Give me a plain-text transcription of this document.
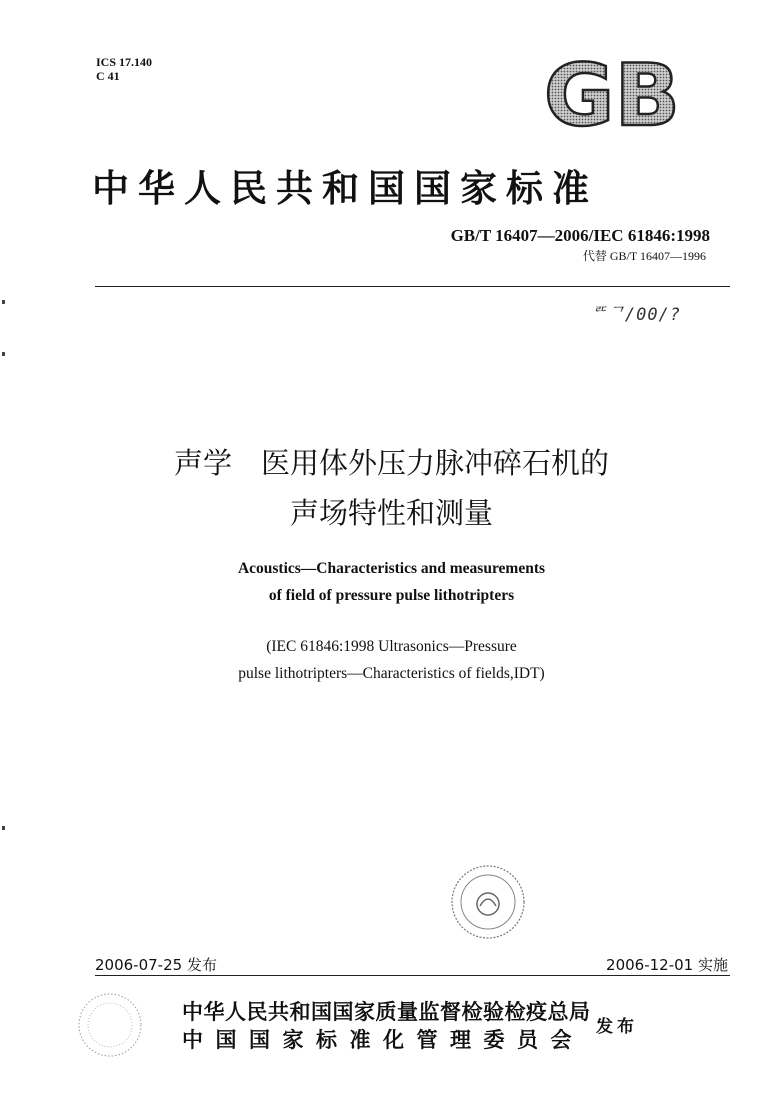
ICS 17.140
C 41	GB
中华人民共和国国家标准
GB/T 16407—2006/IEC 61846:1998
代替 GB/T 16407—1996
ᄅᄃᄀ/00/?
声学　医用体外压力脉冲碎石机的
声场特性和测量
Acoustics—Characteristics and measurements
of field of pressure pulse lithotripters
(IEC 61846:1998 Ultrasonics—Pressure
pulse lithotripters—Characteristics of fields,IDT)
2006-07-25 发布	2006-12-01 实施
中华人民共和国国家质量监督检验检疫总局
中国国家标准化管理委员会
发布
